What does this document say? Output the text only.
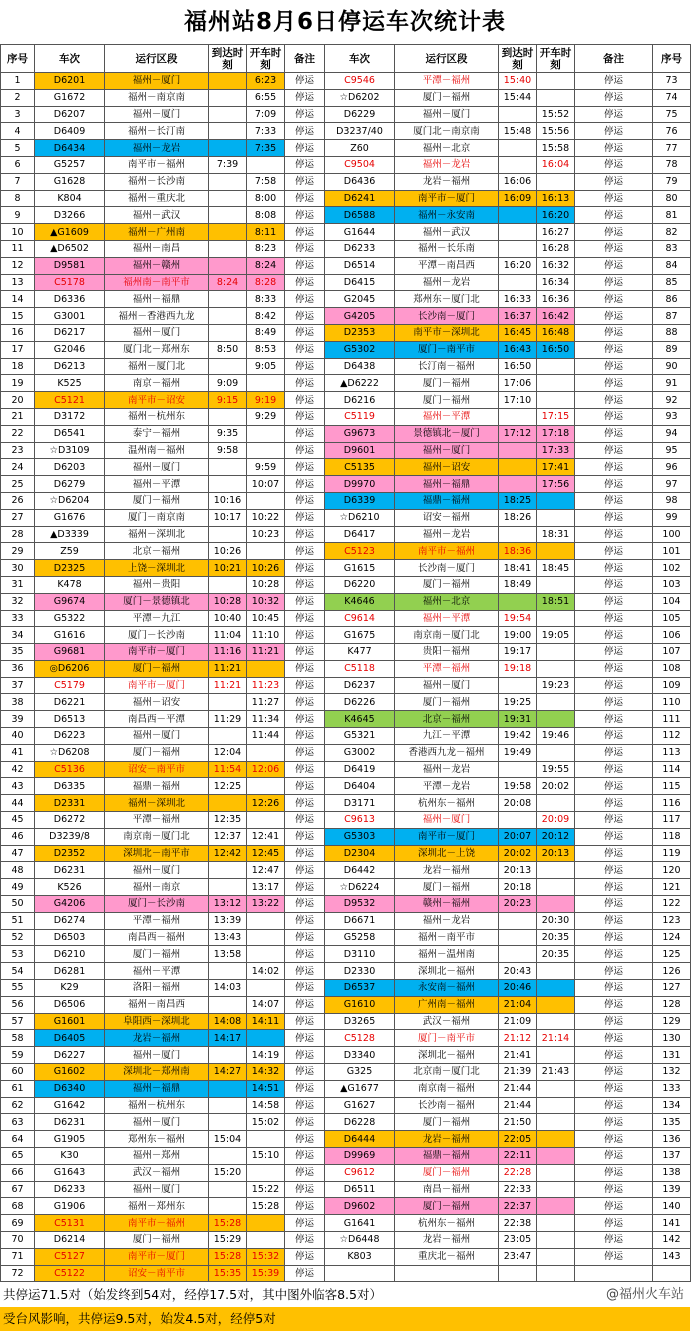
福州站8月6日停运车次统计表
序号	车次	运行区段	到达时刻	开车时刻	备注	车次	运行区段	到达时刻	开车时刻	备注	序号
1	D6201	福州－厦门		6:23	停运	C9546	平潭－福州	15:40		停运	73
2	G1672	福州－南京南		6:55	停运	☆D6202	厦门－福州	15:44		停运	74
3	D6207	福州－厦门		7:09	停运	D6229	福州－厦门		15:52	停运	75
4	D6409	福州－长汀南		7:33	停运	D3237/40	厦门北－南京南	15:48	15:56	停运	76
5	D6434	福州－龙岩		7:35	停运	Z60	福州－北京		15:58	停运	77
6	G5257	南平市－福州	7:39		停运	C9504	福州－龙岩		16:04	停运	78
7	G1628	福州－长沙南		7:58	停运	D6436	龙岩－福州	16:06		停运	79
8	K804	福州－重庆北		8:00	停运	D6241	南平市－厦门	16:09	16:13	停运	80
9	D3266	福州－武汉		8:08	停运	D6588	福州－永安南		16:20	停运	81
10	▲G1609	福州－广州南		8:11	停运	G1644	福州－武汉		16:27	停运	82
11	▲D6502	福州－南昌		8:23	停运	D6233	福州－长乐南		16:28	停运	83
12	D9581	福州－赣州		8:24	停运	D6514	平潭－南昌西	16:20	16:32	停运	84
13	C5178	福州南－南平市	8:24	8:28	停运	D6415	福州－龙岩		16:34	停运	85
14	D6336	福州－福鼎		8:33	停运	G2045	郑州东－厦门北	16:33	16:36	停运	86
15	G3001	福州－香港西九龙		8:42	停运	G4205	长沙南－厦门	16:37	16:42	停运	87
16	D6217	福州－厦门		8:49	停运	D2353	南平市－深圳北	16:45	16:48	停运	88
17	G2046	厦门北－郑州东	8:50	8:53	停运	G5302	厦门－南平市	16:43	16:50	停运	89
18	D6213	福州－厦门北		9:05	停运	D6438	长汀南－福州	16:50		停运	90
19	K525	南京－福州	9:09		停运	▲D6222	厦门－福州	17:06		停运	91
20	C5121	南平市－诏安	9:15	9:19	停运	D6216	厦门－福州	17:10		停运	92
21	D3172	福州－杭州东		9:29	停运	C5119	福州－平潭		17:15	停运	93
22	D6541	泰宁－福州	9:35		停运	G9673	景德镇北－厦门	17:12	17:18	停运	94
23	☆D3109	温州南－福州	9:58		停运	D9601	福州－厦门		17:33	停运	95
24	D6203	福州－厦门		9:59	停运	C5135	福州－诏安		17:41	停运	96
25	D6279	福州－平潭		10:07	停运	D9970	福州－福鼎		17:56	停运	97
26	☆D6204	厦门－福州	10:16		停运	D6339	福鼎－福州	18:25		停运	98
27	G1676	厦门－南京南	10:17	10:22	停运	☆D6210	诏安－福州	18:26		停运	99
28	▲D3339	福州－深圳北		10:23	停运	D6417	福州－龙岩		18:31	停运	100
29	Z59	北京－福州	10:26		停运	C5123	南平市－福州	18:36		停运	101
30	D2325	上饶－深圳北	10:21	10:26	停运	G1615	长沙南－厦门	18:41	18:45	停运	102
31	K478	福州－贵阳		10:28	停运	D6220	厦门－福州	18:49		停运	103
32	G9674	厦门－景德镇北	10:28	10:32	停运	K4646	福州－北京		18:51	停运	104
33	G5322	平潭－九江	10:40	10:45	停运	C9614	福州－平潭	19:54		停运	105
34	G1616	厦门－长沙南	11:04	11:10	停运	G1675	南京南－厦门北	19:00	19:05	停运	106
35	G9681	南平市－厦门	11:16	11:21	停运	K477	贵阳－福州	19:17		停运	107
36	◎D6206	厦门－福州	11:21		停运	C5118	平潭－福州	19:18		停运	108
37	C5179	南平市－厦门	11:21	11:23	停运	D6237	福州－厦门		19:23	停运	109
38	D6221	福州－诏安		11:27	停运	D6226	厦门－福州	19:25		停运	110
39	D6513	南昌西－平潭	11:29	11:34	停运	K4645	北京－福州	19:31		停运	111
40	D6223	福州－厦门		11:44	停运	G5321	九江－平潭	19:42	19:46	停运	112
41	☆D6208	厦门－福州	12:04		停运	G3002	香港西九龙－福州	19:49		停运	113
42	C5136	诏安－南平市	11:54	12:06	停运	D6419	福州－龙岩		19:55	停运	114
43	D6335	福鼎－福州	12:25		停运	D6404	平潭－龙岩	19:58	20:02	停运	115
44	D2331	福州－深圳北		12:26	停运	D3171	杭州东－福州	20:08		停运	116
45	D6272	平潭－福州	12:35		停运	C9613	福州－厦门		20:09	停运	117
46	D3239/8	南京南－厦门北	12:37	12:41	停运	G5303	南平市－厦门	20:07	20:12	停运	118
47	D2352	深圳北－南平市	12:42	12:45	停运	D2304	深圳北－上饶	20:02	20:13	停运	119
48	D6231	福州－厦门		12:47	停运	D6442	龙岩－福州	20:13		停运	120
49	K526	福州－南京		13:17	停运	☆D6224	厦门－福州	20:18		停运	121
50	G4206	厦门－长沙南	13:12	13:22	停运	D9532	赣州－福州	20:23		停运	122
51	D6274	平潭－福州	13:39		停运	D6671	福州－龙岩		20:30	停运	123
52	D6503	南昌西－福州	13:43		停运	G5258	福州－南平市		20:35	停运	124
53	D6210	厦门－福州	13:58		停运	D3110	福州－温州南		20:35	停运	125
54	D6281	福州－平潭		14:02	停运	D2330	深圳北－福州	20:43		停运	126
55	K29	洛阳－福州	14:03		停运	D6537	永安南－福州	20:46		停运	127
56	D6506	福州－南昌西		14:07	停运	G1610	广州南－福州	21:04		停运	128
57	G1601	阜阳西－深圳北	14:08	14:11	停运	D3265	武汉－福州	21:09		停运	129
58	D6405	龙岩－福州	14:17		停运	C5128	厦门－南平市	21:12	21:14	停运	130
59	D6227	福州－厦门		14:19	停运	D3340	深圳北－福州	21:41		停运	131
60	G1602	深圳北－郑州南	14:27	14:32	停运	G325	北京南－厦门北	21:39	21:43	停运	132
61	D6340	福州－福鼎		14:51	停运	▲G1677	南京南－福州	21:44		停运	133
62	G1642	福州－杭州东		14:58	停运	G1627	长沙南－福州	21:44		停运	134
63	D6231	福州－厦门		15:02	停运	D6228	厦门－福州	21:50		停运	135
64	G1905	郑州东－福州	15:04		停运	D6444	龙岩－福州	22:05		停运	136
65	K30	福州－郑州		15:10	停运	D9969	福鼎－福州	22:11		停运	137
66	G1643	武汉－福州	15:20		停运	C9612	厦门－福州	22:28		停运	138
67	D6233	福州－厦门		15:22	停运	D6511	南昌－福州	22:33		停运	139
68	G1906	福州－郑州东		15:28	停运	D9602	厦门－福州	22:37		停运	140
69	C5131	南平市－福州	15:28		停运	G1641	杭州东－福州	22:38		停运	141
70	D6214	厦门－福州	15:29		停运	☆D6448	龙岩－福州	23:05		停运	142
71	C5127	南平市－厦门	15:28	15:32	停运	K803	重庆北－福州	23:47		停运	143
72	C5122	诏安－南平市	15:35	15:39	停运						
共停运71.5对（始发终到54对，经停17.5对，其中图外临客8.5对）	@福州火车站
受台风影响，共停运9.5对，始发4.5对，经停5对
